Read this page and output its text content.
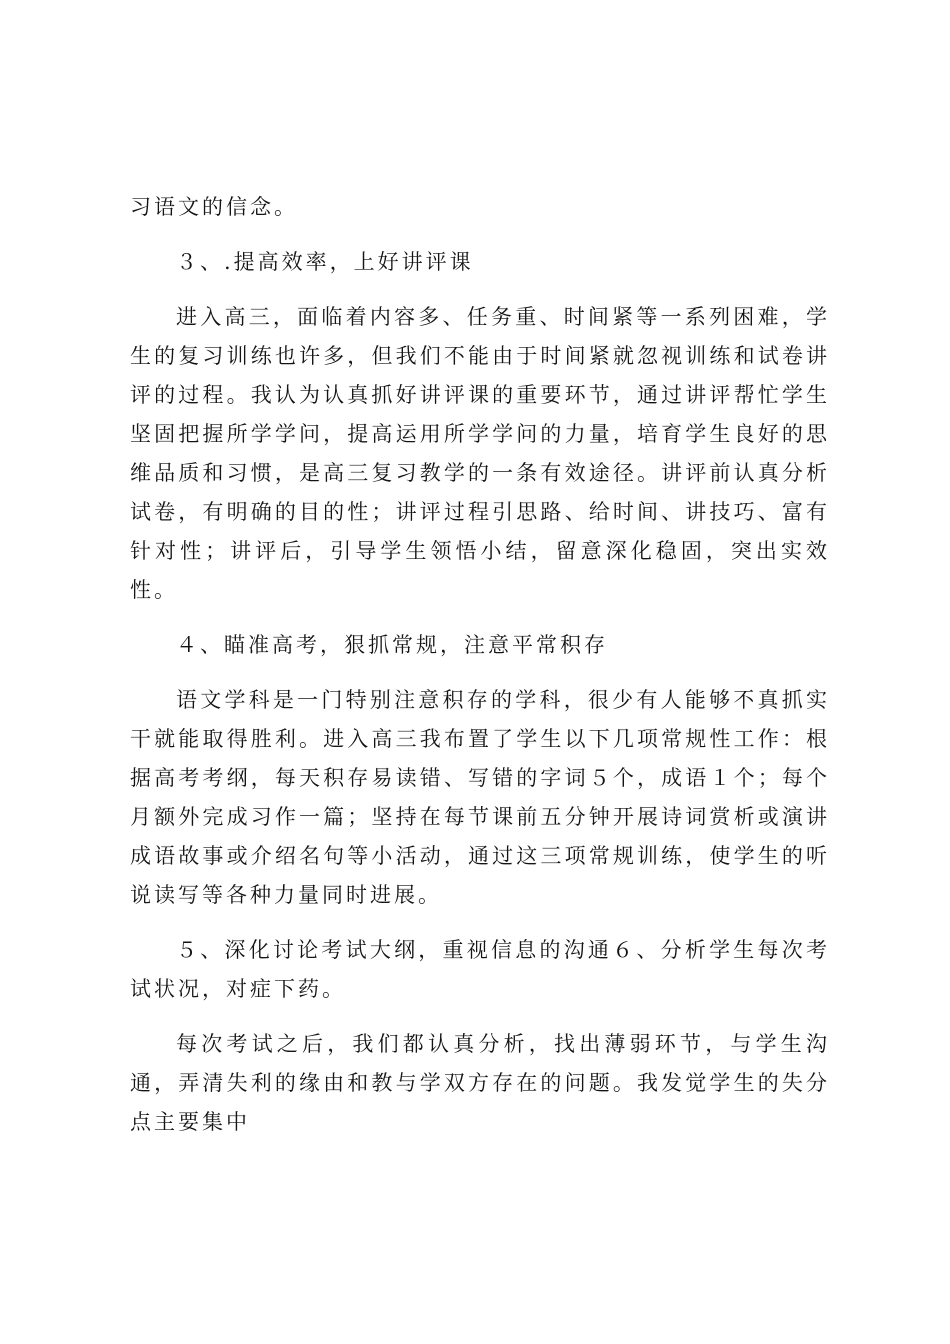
习语文的信念。

３、.提高效率，上好讲评课

进入高三，面临着内容多、任务重、时间紧等一系列困难，学生的复习训练也许多，但我们不能由于时间紧就忽视训练和试卷讲评的过程。我认为认真抓好讲评课的重要环节，通过讲评帮忙学生坚固把握所学学问，提高运用所学学问的力量，培育学生良好的思维品质和习惯，是高三复习教学的一条有效途径。讲评前认真分析试卷，有明确的目的性；讲评过程引思路、给时间、讲技巧、富有针对性；讲评后，引导学生领悟小结，留意深化稳固，突出实效性。

４、瞄准高考，狠抓常规，注意平常积存

语文学科是一门特别注意积存的学科，很少有人能够不真抓实干就能取得胜利。进入高三我布置了学生以下几项常规性工作：根据高考考纲，每天积存易读错、写错的字词５个，成语１个；每个月额外完成习作一篇；坚持在每节课前五分钟开展诗词赏析或演讲成语故事或介绍名句等小活动，通过这三项常规训练，使学生的听说读写等各种力量同时进展。

５、深化讨论考试大纲，重视信息的沟通６、分析学生每次考试状况，对症下药。

每次考试之后，我们都认真分析，找出薄弱环节，与学生沟通，弄清失利的缘由和教与学双方存在的问题。我发觉学生的失分点主要集中
